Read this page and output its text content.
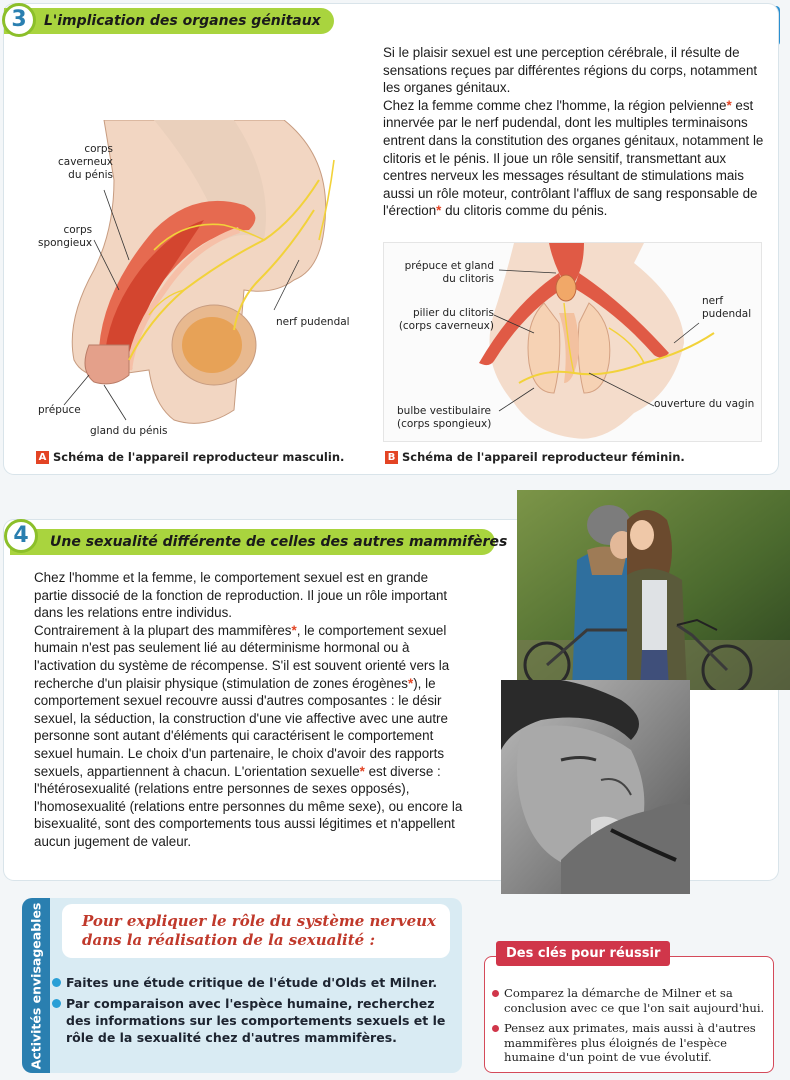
L'implication des organes génitaux
3

Si le plaisir sexuel est une perception cérébrale, il résulte de sensations reçues par différentes régions du corps, notamment les organes génitaux.

Chez la femme comme chez l'homme, la région pelvienne* est innervée par le nerf pudendal, dont les multiples terminaisons entrent dans la constitution des organes génitaux, notamment le clitoris et le pénis. Il joue un rôle sensitif, transmettant aux centres nerveux les messages résultant de stimulations mais aussi un rôle moteur, contrôlant l'afflux de sang responsable de l'érection* du clitoris comme du pénis.

corps
caverneux
du pénis
corps
spongieux
nerf pudendal
prépuce
gland du pénis
A Schéma de l'appareil reproducteur masculin.
prépuce et gland
du clitoris
pilier du clitoris
(corps caverneux)
nerf
pudendal
ouverture du vagin
bulbe vestibulaire
(corps spongieux)
B Schéma de l'appareil reproducteur féminin.
Une sexualité différente de celles des autres mammifères
4

Chez l'homme et la femme, le comportement sexuel est en grande partie dissocié de la fonction de reproduction. Il joue un rôle important dans les relations entre individus.

Contrairement à la plupart des mammifères*, le comportement sexuel humain n'est pas seulement lié au déterminisme hormonal ou à l'activation du système de récompense. S'il est souvent orienté vers la recherche d'un plaisir physique (stimulation de zones érogènes*), le comportement sexuel recouvre aussi d'autres composantes : le désir sexuel, la séduction, la construction d'une vie affective avec une autre personne sont autant d'éléments qui caractérisent le comportement sexuel humain. Le choix d'un partenaire, le choix d'avoir des rapports sexuels, appartiennent à chacun. L'orientation sexuelle* est diverse : l'hétérosexualité (relations entre personnes de sexes opposés), l'homosexualité (relations entre personnes du même sexe), ou encore la bisexualité, sont des comportements tous aussi légitimes et n'appellent aucun jugement de valeur.

Activités envisageables	Pour expliquer le rôle du système nerveux
dans la réalisation de la sexualité :
Faites une étude critique de l'étude d'Olds et Milner.
Par comparaison avec l'espèce humaine, recherchez des informations sur les comportements sexuels et le rôle de la sexualité chez d'autres mammifères.
Des clés pour réussir
Comparez la démarche de Milner et sa conclusion avec ce que l'on sait aujourd'hui.
Pensez aux primates, mais aussi à d'autres mammifères plus éloignés de l'espèce humaine d'un point de vue évolutif.
